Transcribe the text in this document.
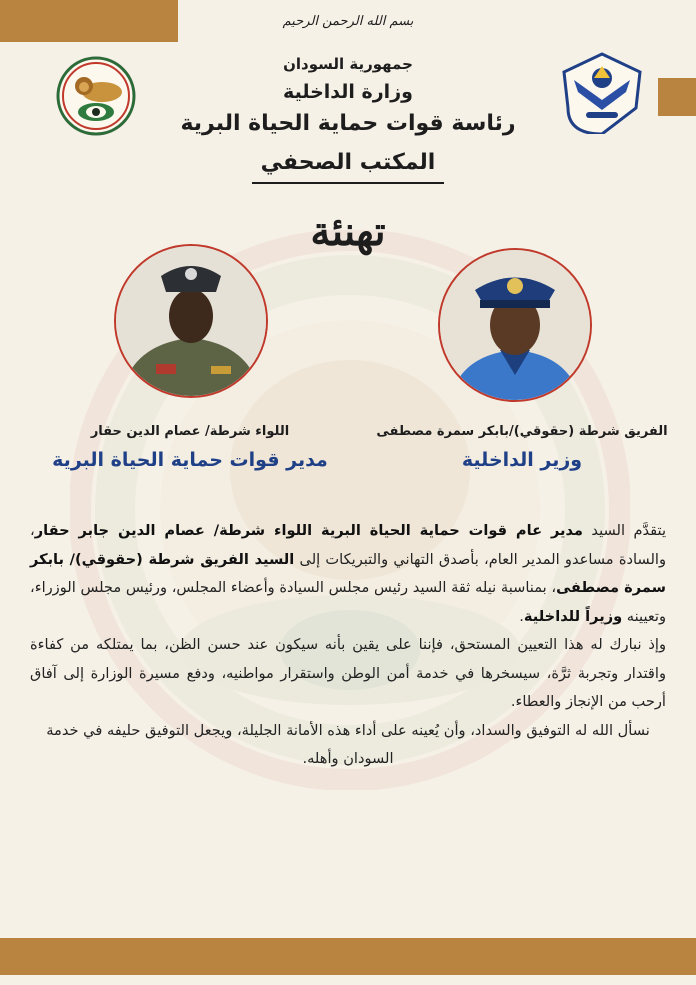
بسم الله الرحمن الرحيم
جمهورية السودان
وزارة الداخلية
رئاسة قوات حماية الحياة البرية
المكتب الصحفي
تهنئة
الفريق شرطة (حقوقي)/بابكر سمرة مصطفى
وزير الداخلية
اللواء شرطة/ عصام الدين حقار
مدير قوات حماية الحياة البرية

يتقدَّم السيد مدير عام قوات حماية الحياة البرية اللواء شرطة/ عصام الدين جابر حقار، والسادة مساعدو المدير العام، بأصدق التهاني والتبريكات إلى السيد الفريق شرطة (حقوقي)/ بابكر سمرة مصطفى، بمناسبة نيله ثقة السيد رئيس مجلس السيادة وأعضاء المجلس، ورئيس مجلس الوزراء، وتعيينه وزيراً للداخلية.

وإذ نبارك له هذا التعيين المستحق، فإننا على يقين بأنه سيكون عند حسن الظن، بما يمتلكه من كفاءة واقتدار وتجربة ثرَّة، سيسخرها في خدمة أمن الوطن واستقرار مواطنيه، ودفع مسيرة الوزارة إلى آفاق أرحب من الإنجاز والعطاء.

نسأل الله له التوفيق والسداد، وأن يُعينه على أداء هذه الأمانة الجليلة، ويجعل التوفيق حليفه في خدمة السودان وأهله.
